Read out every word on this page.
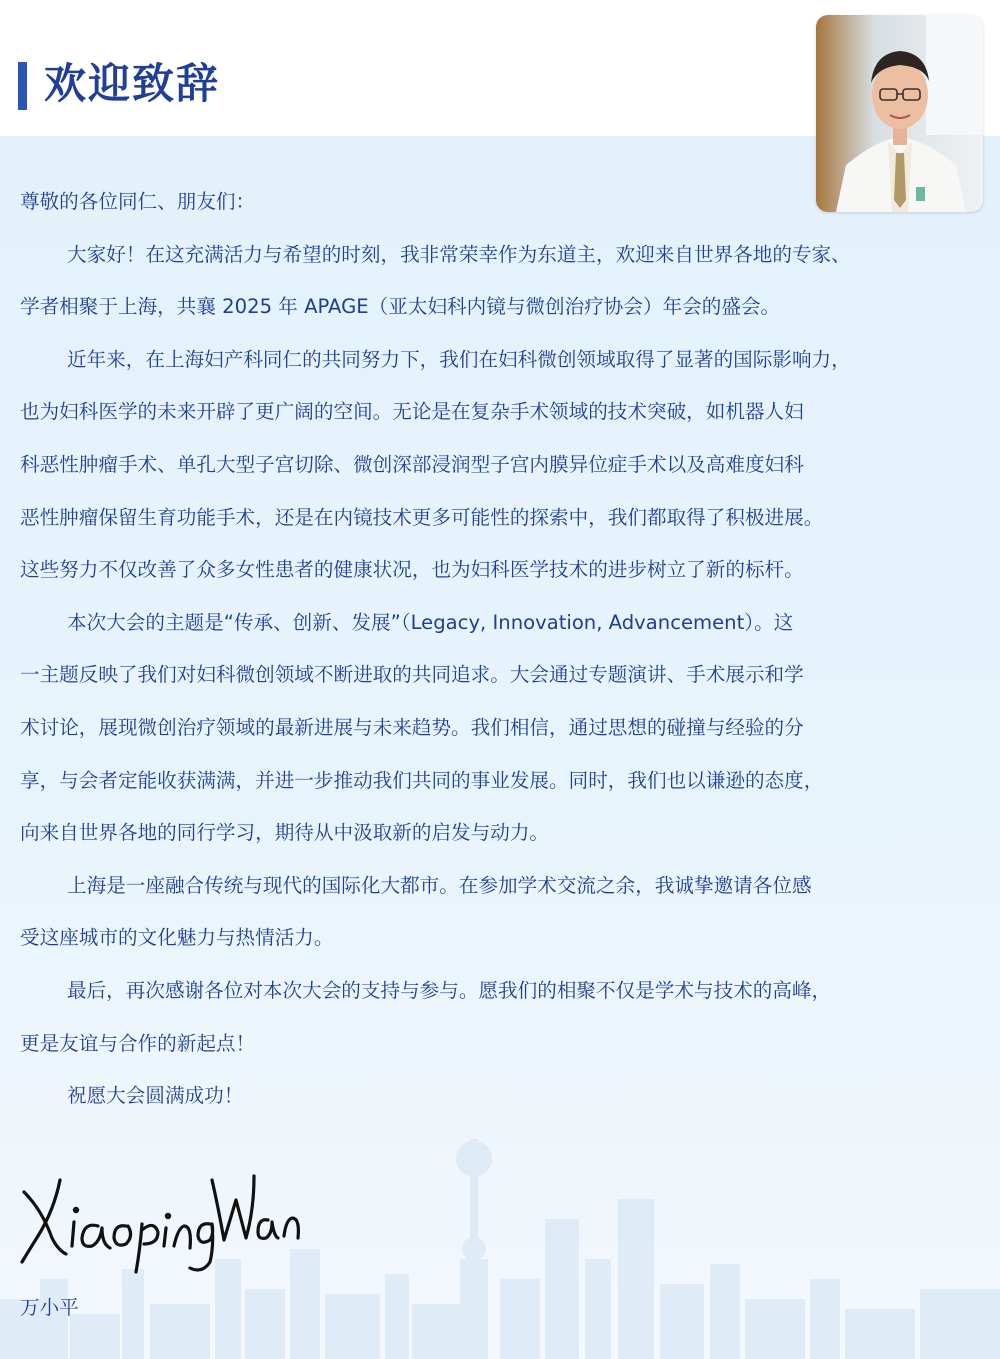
欢迎致辞

尊敬的各位同仁、朋友们：

大家好！在这充满活力与希望的时刻，我非常荣幸作为东道主，欢迎来自世界各地的专家、

学者相聚于上海，共襄 2025 年 APAGE（亚太妇科内镜与微创治疗协会）年会的盛会。

近年来，在上海妇产科同仁的共同努力下，我们在妇科微创领域取得了显著的国际影响力，

也为妇科医学的未来开辟了更广阔的空间。无论是在复杂手术领域的技术突破，如机器人妇

科恶性肿瘤手术、单孔大型子宫切除、微创深部浸润型子宫内膜异位症手术以及高难度妇科

恶性肿瘤保留生育功能手术，还是在内镜技术更多可能性的探索中，我们都取得了积极进展。

这些努力不仅改善了众多女性患者的健康状况，也为妇科医学技术的进步树立了新的标杆。

本次大会的主题是“传承、创新、发展”（Legacy, Innovation, Advancement）。这

一主题反映了我们对妇科微创领域不断进取的共同追求。大会通过专题演讲、手术展示和学

术讨论，展现微创治疗领域的最新进展与未来趋势。我们相信，通过思想的碰撞与经验的分

享，与会者定能收获满满，并进一步推动我们共同的事业发展。同时，我们也以谦逊的态度，

向来自世界各地的同行学习，期待从中汲取新的启发与动力。

上海是一座融合传统与现代的国际化大都市。在参加学术交流之余，我诚挚邀请各位感

受这座城市的文化魅力与热情活力。

最后，再次感谢各位对本次大会的支持与参与。愿我们的相聚不仅是学术与技术的高峰，

更是友谊与合作的新起点！

祝愿大会圆满成功！

万小平
